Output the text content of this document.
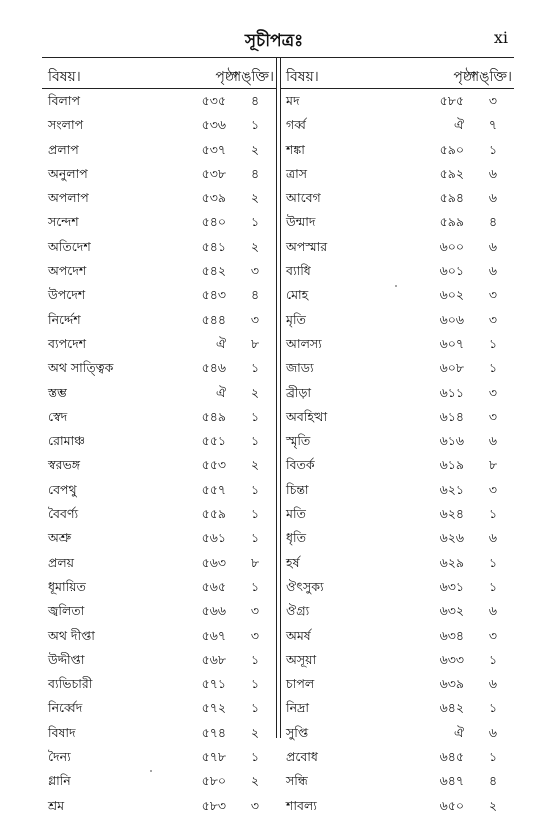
সূচীপত্রঃ	xi
বিষয়।	পৃষ্ঠা
পঙ্‌ক্তি।
বিলাপ	৫৩৫ ৪
সংলাপ	৫৩৬ ১
প্রলাপ	৫৩৭ ২
অনুলাপ	৫৩৮ ৪
অপলাপ	৫৩৯ ২
সন্দেশ	৫৪০ ১
অতিদেশ	৫৪১ ২
অপদেশ	৫৪২ ৩
উপদেশ	৫৪৩ ৪
নির্দ্দেশ	৫৪৪ ৩
ব্যপদেশ	ঐ ৮
অথ সাত্ত্বিক	৫৪৬ ১
স্তম্ভ	ঐ ২
স্বেদ	৫৪৯ ১
রোমাঞ্চ	৫৫১ ১
স্বরভঙ্গ	৫৫৩ ২
বেপথু	৫৫৭ ১
বৈবর্ণ্য	৫৫৯ ১
অশ্রু	৫৬১ ১
প্রলয়	৫৬৩ ৮
ধূমায়িত	৫৬৫ ১
জ্বলিতা	৫৬৬ ৩
অথ দীপ্তা	৫৬৭ ৩
উদ্দীপ্তা	৫৬৮ ১
ব্যভিচারী	৫৭১ ১
নির্ব্বেদ	৫৭২ ১
বিষাদ	৫৭৪ ২
দৈন্য	৫৭৮ ১
গ্লানি	৫৮০ ২
শ্রম	৫৮৩ ৩
বিষয়।	পৃষ্ঠা
পঙ্‌ক্তি।
মদ	৫৮৫ ৩
গর্ব্ব	ঐ ৭
শঙ্কা	৫৯০ ১
ত্রাস	৫৯২ ৬
আবেগ	৫৯৪ ৬
উন্মাদ	৫৯৯ ৪
অপস্মার	৬০০ ৬
ব্যাধি	৬০১ ৬
মোহ	৬০২ ৩
মৃতি	৬০৬ ৩
আলস্য	৬০৭ ১
জাড্য	৬০৮ ১
ব্রীড়া	৬১১ ৩
অবহিত্থা	৬১৪ ৩
স্মৃতি	৬১৬ ৬
বিতর্ক	৬১৯ ৮
চিন্তা	৬২১ ৩
মতি	৬২৪ ১
ধৃতি	৬২৬ ৬
হর্ষ	৬২৯ ১
ঔৎসুক্য	৬৩১ ১
ঔগ্র্য	৬৩২ ৬
অমর্ষ	৬৩৪ ৩
অসূয়া	৬৩৩ ১
চাপল	৬৩৯ ৬
নিদ্রা	৬৪২ ১
সুপ্তি	ঐ ৬
প্রবোধ	৬৪৫ ১
সন্ধি	৬৪৭ ৪
শাবল্য	৬৫০ ২
